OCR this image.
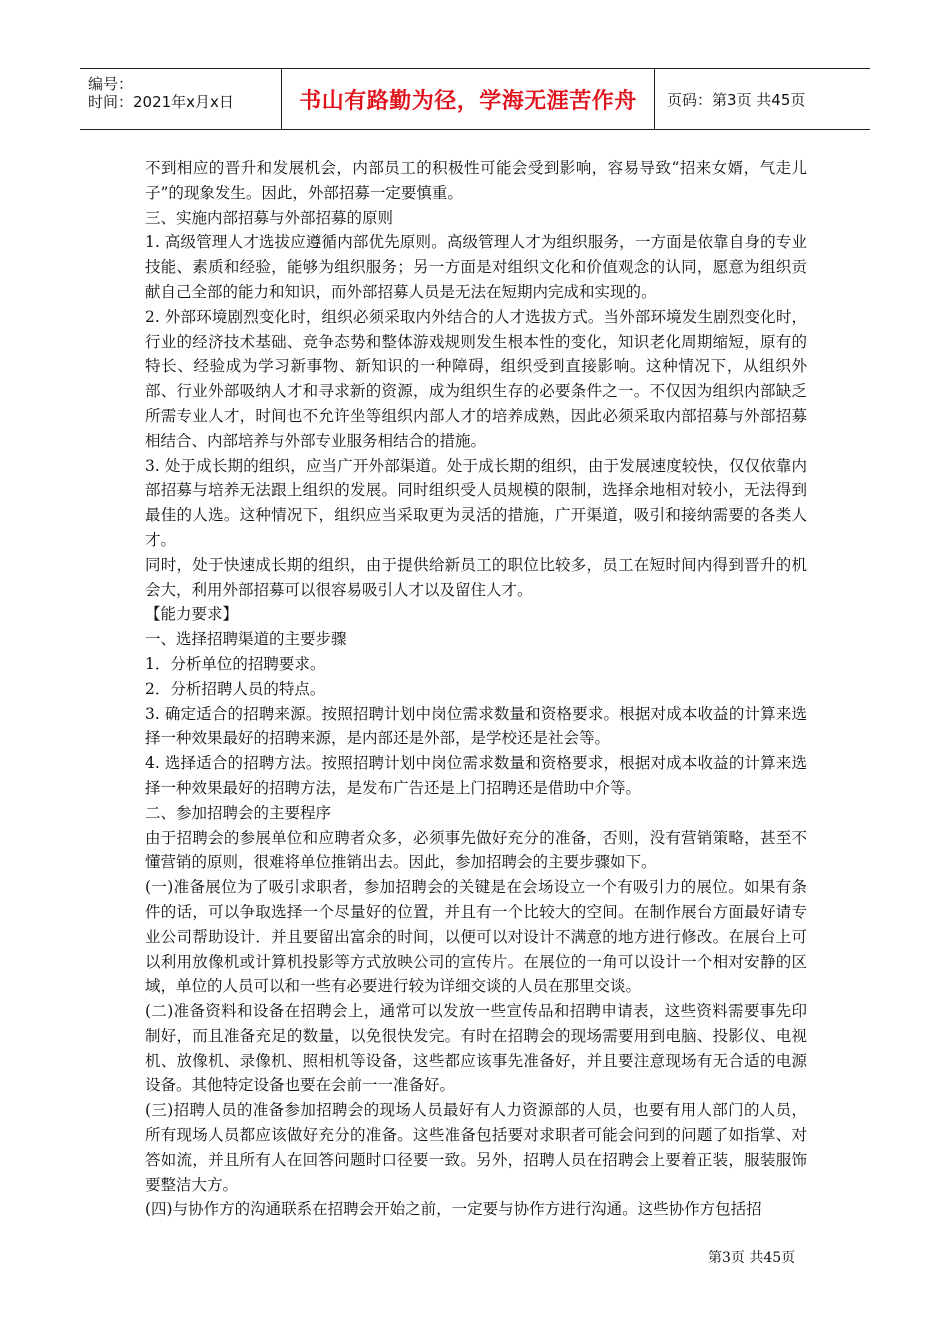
编号：
时间：2021年x月x日	书山有路勤为径，学海无涯苦作舟	页码：第3页 共45页

不到相应的晋升和发展机会，内部员工的积极性可能会受到影响，容易导致“招来女婿，气走儿子”的现象发生。因此，外部招募一定要慎重。

三、实施内部招募与外部招募的原则

1. 高级管理人才选拔应遵循内部优先原则。高级管理人才为组织服务，一方面是依靠自身的专业技能、素质和经验，能够为组织服务；另一方面是对组织文化和价值观念的认同，愿意为组织贡献自己全部的能力和知识，而外部招募人员是无法在短期内完成和实现的。

2. 外部环境剧烈变化时，组织必须采取内外结合的人才选拔方式。当外部环境发生剧烈变化时，行业的经济技术基础、竞争态势和整体游戏规则发生根本性的变化，知识老化周期缩短，原有的特长、经验成为学习新事物、新知识的一种障碍，组织受到直接影响。这种情况下，从组织外部、行业外部吸纳人才和寻求新的资源，成为组织生存的必要条件之一。不仅因为组织内部缺乏所需专业人才，时间也不允许坐等组织内部人才的培养成熟，因此必须采取内部招募与外部招募相结合、内部培养与外部专业服务相结合的措施。

3. 处于成长期的组织，应当广开外部渠道。处于成长期的组织，由于发展速度较快，仅仅依靠内部招募与培养无法跟上组织的发展。同时组织受人员规模的限制，选择余地相对较小，无法得到最佳的人选。这种情况下，组织应当采取更为灵活的措施，广开渠道，吸引和接纳需要的各类人才。

同时，处于快速成长期的组织，由于提供给新员工的职位比较多，员工在短时间内得到晋升的机会大，利用外部招募可以很容易吸引人才以及留住人才。

【能力要求】

一、选择招聘渠道的主要步骤

1．分析单位的招聘要求。

2．分析招聘人员的特点。

3. 确定适合的招聘来源。按照招聘计划中岗位需求数量和资格要求。根据对成本收益的计算来选择一种效果最好的招聘来源，是内部还是外部，是学校还是社会等。

4. 选择适合的招聘方法。按照招聘计划中岗位需求数量和资格要求，根据对成本收益的计算来选择一种效果最好的招聘方法，是发布广告还是上门招聘还是借助中介等。

二、参加招聘会的主要程序

由于招聘会的参展单位和应聘者众多，必须事先做好充分的准备，否则，没有营销策略，甚至不懂营销的原则，很难将单位推销出去。因此，参加招聘会的主要步骤如下。

(一)准备展位为了吸引求职者，参加招聘会的关键是在会场设立一个有吸引力的展位。如果有条件的话，可以争取选择一个尽量好的位置，并且有一个比较大的空间。在制作展台方面最好请专业公司帮助设计．并且要留出富余的时间，以便可以对设计不满意的地方进行修改。在展台上可以利用放像机或计算机投影等方式放映公司的宣传片。在展位的一角可以设计一个相对安静的区域，单位的人员可以和一些有必要进行较为详细交谈的人员在那里交谈。

(二)准备资料和设备在招聘会上，通常可以发放一些宣传品和招聘申请表，这些资料需要事先印制好，而且准备充足的数量，以免很快发完。有时在招聘会的现场需要用到电脑、投影仪、电视机、放像机、录像机、照相机等设备，这些都应该事先准备好，并且要注意现场有无合适的电源设备。其他特定设备也要在会前一一准备好。

(三)招聘人员的准备参加招聘会的现场人员最好有人力资源部的人员，也要有用人部门的人员，所有现场人员都应该做好充分的准备。这些准备包括要对求职者可能会问到的问题了如指掌、对答如流，并且所有人在回答问题时口径要一致。另外，招聘人员在招聘会上要着正装，服装服饰要整洁大方。

(四)与协作方的沟通联系在招聘会开始之前，一定要与协作方进行沟通。这些协作方包括招

第3页 共45页
